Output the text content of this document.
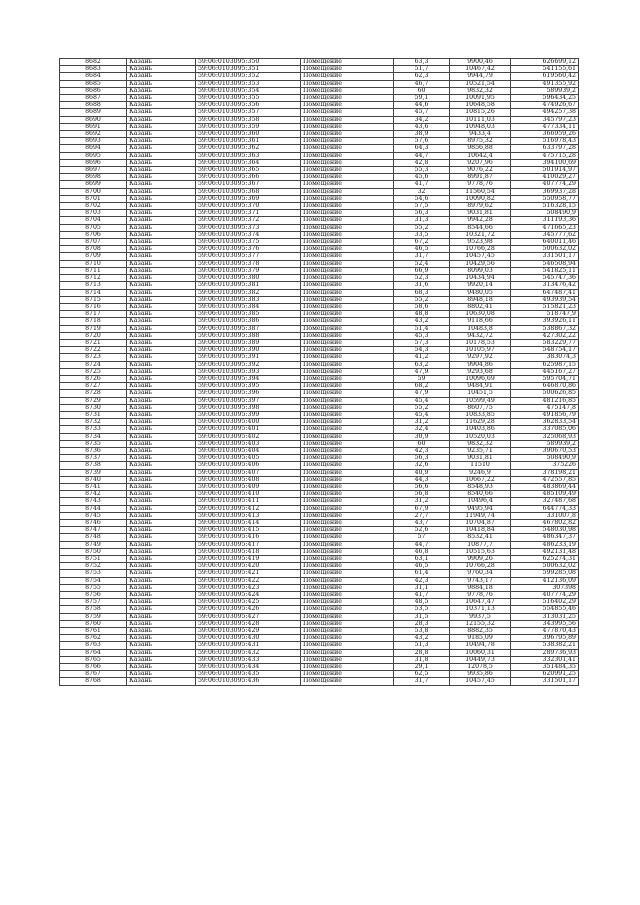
8682	Казань	59:06:0103095:350	Помещение	63,3	9900,46	626699,12
8683	Казань	59:06:0103095:351	Помещение	51,7	10467,42	541155,61
8684	Казань	59:06:0103095:352	Помещение	62,3	9944,79	619560,42
8685	Казань	59:06:0103095:353	Помещение	46,7	10521,54	491355,92
8686	Казань	59:06:0103095:354	Помещение	60	9832,32	589939,2
8687	Казань	59:06:0103095:355	Помещение	59,1	10091,95	596434,25
8688	Казань	59:06:0103095:356	Помещение	44,6	10648,58	474926,67
8689	Казань	59:06:0103095:357	Помещение	45,7	10815,26	494257,38
8690	Казань	59:06:0103095:358	Помещение	34,2	10111,03	345797,23
8691	Казань	59:06:0103095:359	Помещение	43,6	10948,03	477334,11
8692	Казань	59:06:0103095:360	Помещение	38,9	9433,4	366959,26
8693	Казань	59:06:0103095:361	Помещение	57,6	8975,32	516978,43
8694	Казань	59:06:0103095:362	Помещение	64,3	9856,88	633797,28
8695	Казань	59:06:0103095:363	Помещение	44,7	10642,4	475715,28
8696	Казань	59:06:0103095:364	Помещение	42,8	9207,96	394100,69
8697	Казань	59:06:0103095:365	Помещение	55,3	9076,22	501914,97
8698	Казань	59:06:0103095:366	Помещение	45,6	8991,87	410029,27
8699	Казань	59:06:0103095:367	Помещение	41,7	9778,76	407774,29
8700	Казань	59:06:0103095:368	Помещение	32	11560,54	369937,28
8701	Казань	59:06:0103095:369	Помещение	54,6	10090,82	550958,77
8702	Казань	59:06:0103095:370	Помещение	57,5	8979,62	516328,15
8703	Казань	59:06:0103095:371	Помещение	56,3	9031,81	508490,9
8704	Казань	59:06:0103095:372	Помещение	31,3	9942,28	311193,36
8705	Казань	59:06:0103095:373	Помещение	55,2	8544,66	471665,23
8706	Казань	59:06:0103095:374	Помещение	33,5	10321,72	345777,62
8707	Казань	59:06:0103095:375	Помещение	67,2	9523,98	640011,46
8708	Казань	59:06:0103095:376	Помещение	46,5	10766,28	500632,02
8709	Казань	59:06:0103095:377	Помещение	31,7	10457,45	331501,17
8710	Казань	59:06:0103095:378	Помещение	52,4	10429,56	546508,94
8711	Казань	59:06:0103095:379	Помещение	66,9	8099,03	541825,11
8712	Казань	59:06:0103095:380	Помещение	52,3	10434,94	545747,36
8713	Казань	59:06:0103095:381	Помещение	31,6	9920,14	313476,42
8714	Казань	59:06:0103095:382	Помещение	68,3	9480,05	647487,41
8715	Казань	59:06:0103095:383	Помещение	55,2	8948,18	493939,54
8716	Казань	59:06:0103095:384	Помещение	58,6	8802,41	515821,23
8717	Казань	59:06:0103095:385	Помещение	48,8	10630,08	518747,9
8718	Казань	59:06:0103095:386	Помещение	43,2	9118,66	393926,11
8719	Казань	59:06:0103095:387	Помещение	51,4	10483,8	538867,32
8720	Казань	59:06:0103095:388	Помещение	45,3	9432,72	427302,22
8721	Казань	59:06:0103095:389	Помещение	57,3	10178,53	583229,77
8722	Казань	59:06:0103095:390	Помещение	54,3	10105,97	548754,17
8723	Казань	59:06:0103095:391	Помещение	41,2	9297,92	383074,3
8724	Казань	59:06:0103095:392	Помещение	63,2	9904,86	625987,15
8725	Казань	59:06:0103095:393	Помещение	47,9	9293,68	445167,27
8726	Казань	59:06:0103095:394	Помещение	59	10096,69	595704,71
8727	Казань	59:06:0103095:395	Помещение	68,2	9484,91	646870,86
8728	Казань	59:06:0103095:396	Помещение	47,9	10451,5	500626,85
8729	Казань	59:06:0103095:397	Помещение	45,4	10599,49	481216,85
8730	Казань	59:06:0103095:398	Помещение	55,2	8607,75	475147,8
8731	Казань	59:06:0103095:399	Помещение	45,4	10833,85	491856,79
8732	Казань	59:06:0103095:400	Помещение	31,2	11629,28	362833,54
8733	Казань	59:06:0103095:401	Помещение	32,4	10403,86	337085,06
8734	Казань	59:06:0103095:402	Помещение	30,9	10520,03	325068,93
8735	Казань	59:06:0103095:403	Помещение	60	9832,32	589939,2
8736	Казань	59:06:0103095:404	Помещение	42,3	9235,71	390670,53
8737	Казань	59:06:0103095:405	Помещение	56,3	9031,81	508490,9
8738	Казань	59:06:0103095:406	Помещение	32,6	11510	375226
8739	Казань	59:06:0103095:407	Помещение	40,9	9246,9	378198,21
8740	Казань	59:06:0103095:408	Помещение	44,3	10667,22	472557,85
8741	Казань	59:06:0103095:409	Помещение	56,6	8548,93	483869,44
8742	Казань	59:06:0103095:410	Помещение	56,8	8540,66	485109,49
8743	Казань	59:06:0103095:411	Помещение	31,2	10496,4	327487,68
8744	Казань	59:06:0103095:412	Помещение	67,9	9495,94	644774,33
8745	Казань	59:06:0103095:413	Помещение	27,7	11949,74	331007,8
8746	Казань	59:06:0103095:414	Помещение	43,7	10704,87	467802,82
8747	Казань	59:06:0103095:415	Помещение	52,6	10418,84	548030,98
8748	Казань	59:06:0103095:416	Помещение	57	8532,41	486347,37
8749	Казань	59:06:0103095:417	Помещение	44,7	10877,7	486233,19
8750	Казань	59:06:0103095:418	Помещение	46,8	10515,63	492131,48
8751	Казань	59:06:0103095:419	Помещение	63,1	9909,26	625274,31
8752	Казань	59:06:0103095:420	Помещение	46,5	10766,28	500632,02
8753	Казань	59:06:0103095:421	Помещение	61,4	9760,34	599285,08
8754	Казань	59:06:0103095:422	Помещение	42,3	9743,17	412136,09
8755	Казань	59:06:0103095:423	Помещение	31,1	9884,18	307398
8756	Казань	59:06:0103095:424	Помещение	41,7	9778,76	407774,29
8757	Казань	59:06:0103095:425	Помещение	48,5	10647,47	516402,29
8758	Казань	59:06:0103095:426	Помещение	53,5	10371,13	554855,46
8759	Казань	59:06:0103095:427	Помещение	31,5	9937,5	313031,25
8760	Казань	59:06:0103095:428	Помещение	28,3	12155,32	343995,56
8761	Казань	59:06:0103095:429	Помещение	53,8	8882,35	477870,43
8762	Казань	59:06:0103095:430	Помещение	43,2	9185,09	396795,89
8763	Казань	59:06:0103095:431	Помещение	51,3	10494,78	538382,21
8764	Казань	59:06:0103095:432	Помещение	28,8	10060,31	289736,93
8765	Казань	59:06:0103095:433	Помещение	31,8	10449,73	332301,41
8766	Казань	59:06:0103095:434	Помещение	29,1	12078,5	351484,35
8767	Казань	59:06:0103095:435	Помещение	62,5	9935,86	620991,25
8768	Казань	59:06:0103095:436	Помещение	31,7	10457,45	331501,17
